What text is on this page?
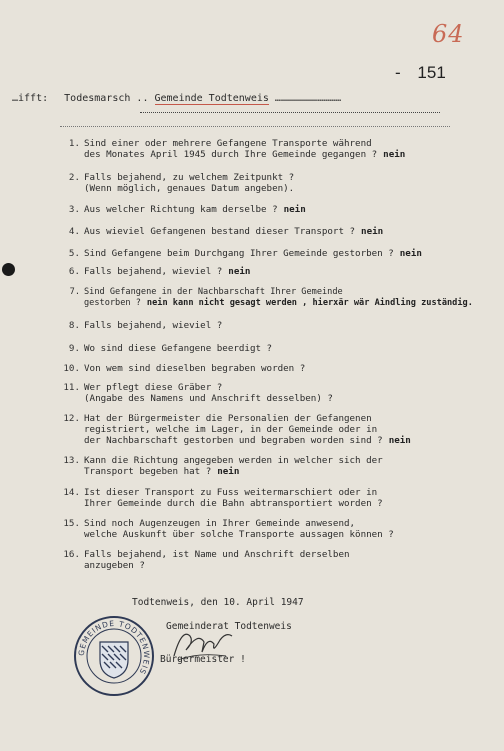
64
- 151
…ifft: Todesmarsch .. Gemeinde Todtenweis ……………………………
1. Sind einer oder mehrere Gefangene Transporte während
des Monates April 1945 durch Ihre Gemeinde gegangen ? nein
2. Falls bejahend, zu welchem Zeitpunkt ?
(Wenn möglich, genaues Datum angeben).
3. Aus welcher Richtung kam derselbe ? nein
4. Aus wieviel Gefangenen bestand dieser Transport ? nein
5. Sind Gefangene beim Durchgang Ihrer Gemeinde gestorben ? nein
6. Falls bejahend, wieviel ? nein
7. Sind Gefangene in der Nachbarschaft Ihrer Gemeinde
gestorben ? nein kann nicht gesagt werden , hierxär wär Aindling zuständig.
8. Falls bejahend, wieviel ?
9. Wo sind diese Gefangene beerdigt ?
10. Von wem sind dieselben begraben worden ?
11. Wer pflegt diese Gräber ?
(Angabe des Namens und Anschrift desselben) ?
12. Hat der Bürgermeister die Personalien der Gefangenen
registriert, welche im Lager, in der Gemeinde oder in
der Nachbarschaft gestorben und begraben worden sind ? nein
13. Kann die Richtung angegeben werden in welcher sich der
Transport begeben hat ? nein
14. Ist dieser Transport zu Fuss weitermarschiert oder in
Ihrer Gemeinde durch die Bahn abtransportiert worden ?
15. Sind noch Augenzeugen in Ihrer Gemeinde anwesend,
welche Auskunft über solche Transporte aussagen können ?
16. Falls bejahend, ist Name und Anschrift derselben
anzugeben ?
Todtenweis, den 10. April 1947
Gemeinderat Todtenweis
Bürgermeister !
GEMEINDE TODTENWEIS
